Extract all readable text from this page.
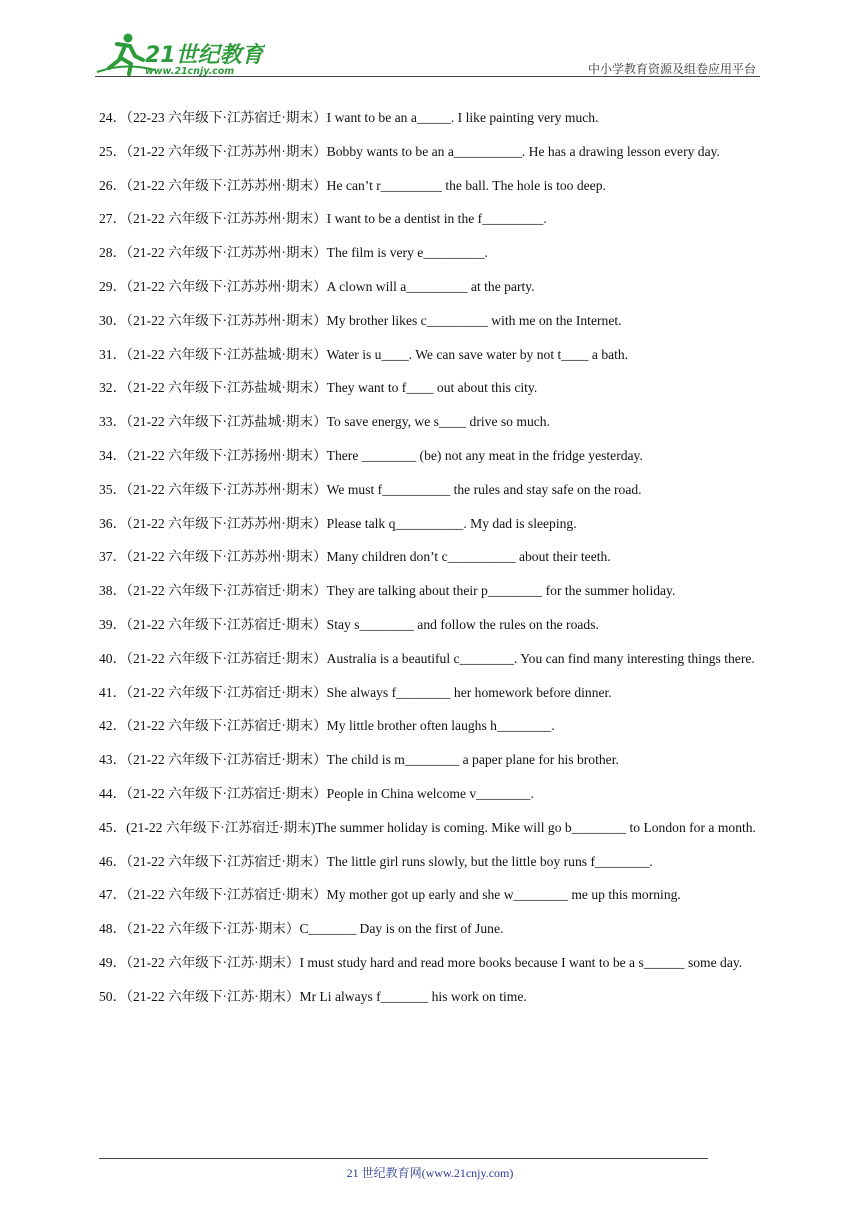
21世纪教育
www.21cnjy.com	中小学教育资源及组卷应用平台
24．（22-23 六年级下·江苏宿迁·期末）I want to be an a_____. I like painting very much.
25．（21-22 六年级下·江苏苏州·期末）Bobby wants to be an a__________. He has a drawing lesson every day.
26．（21-22 六年级下·江苏苏州·期末）He can’t r_________ the ball. The hole is too deep.
27．（21-22 六年级下·江苏苏州·期末）I want to be a dentist in the f_________.
28．（21-22 六年级下·江苏苏州·期末）The film is very e_________.
29．（21-22 六年级下·江苏苏州·期末）A clown will a_________ at the party.
30．（21-22 六年级下·江苏苏州·期末）My brother likes c_________ with me on the Internet.
31．（21-22 六年级下·江苏盐城·期末）Water is u____. We can save water by not t____ a bath.
32．（21-22 六年级下·江苏盐城·期末）They want to f____ out about this city.
33．（21-22 六年级下·江苏盐城·期末）To save energy, we s____ drive so much.
34．（21-22 六年级下·江苏扬州·期末）There ________ (be) not any meat in the fridge yesterday.
35．（21-22 六年级下·江苏苏州·期末）We must f__________ the rules and stay safe on the road.
36．（21-22 六年级下·江苏苏州·期末）Please talk q__________. My dad is sleeping.
37．（21-22 六年级下·江苏苏州·期末）Many children don’t c__________ about their teeth.
38．（21-22 六年级下·江苏宿迁·期末）They are talking about their p________ for the summer holiday.
39．（21-22 六年级下·江苏宿迁·期末）Stay s________ and follow the rules on the roads.
40．（21-22 六年级下·江苏宿迁·期末）Australia is a beautiful c________. You can find many interesting things there.
41．（21-22 六年级下·江苏宿迁·期末）She always f________ her homework before dinner.
42．（21-22 六年级下·江苏宿迁·期末）My little brother often laughs h________.
43．（21-22 六年级下·江苏宿迁·期末）The child is m________ a paper plane for his brother.
44．（21-22 六年级下·江苏宿迁·期末）People in China welcome v________.
45．(21-22 六年级下·江苏宿迁·期末)The summer holiday is coming. Mike will go b________ to London for a month.
46．（21-22 六年级下·江苏宿迁·期末）The little girl runs slowly, but the little boy runs f________.
47．（21-22 六年级下·江苏宿迁·期末）My mother got up early and she w________ me up this morning.
48．（21-22 六年级下·江苏·期末）C_______ Day is on the first of June.
49．（21-22 六年级下·江苏·期末）I must study hard and read more books because I want to be a s______ some day.
50．（21-22 六年级下·江苏·期末）Mr Li always f_______ his work on time.
21 世纪教育网(www.21cnjy.com)
